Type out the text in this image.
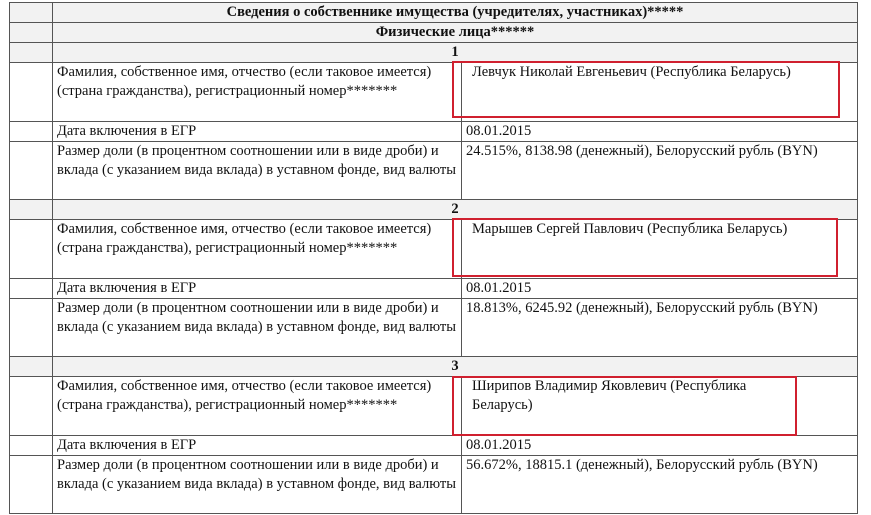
	Сведения о собственнике имущества (учредителях, участниках)*****	
	Физические лица******	
	1	
	Фамилия, собственное имя, отчество (если таковое имеется) (страна гражданства), регистрационный номер*******	Левчук Николай Евгеньевич (Республика Беларусь)

	Дата включения в ЕГР	08.01.2015
	Размер доли (в процентном соотношении или в виде дроби) и вклада (с указанием вида вклада) в уставном фонде, вид валюты	24.515%, 8138.98 (денежный), Белорусский рубль (BYN)
	2	
	Фамилия, собственное имя, отчество (если таковое имеется) (страна гражданства), регистрационный номер*******	Марышев Сергей Павлович (Республика Беларусь)

	Дата включения в ЕГР	08.01.2015
	Размер доли (в процентном соотношении или в виде дроби) и вклада (с указанием вида вклада) в уставном фонде, вид валюты	18.813%, 6245.92 (денежный), Белорусский рубль (BYN)
	3	
	Фамилия, собственное имя, отчество (если таковое имеется) (страна гражданства), регистрационный номер*******	Ширипов Владимир Яковлевич (Республика Беларусь)

	Дата включения в ЕГР	08.01.2015
	Размер доли (в процентном соотношении или в виде дроби) и вклада (с указанием вида вклада) в уставном фонде, вид валюты	56.672%, 18815.1 (денежный), Белорусский рубль (BYN)
